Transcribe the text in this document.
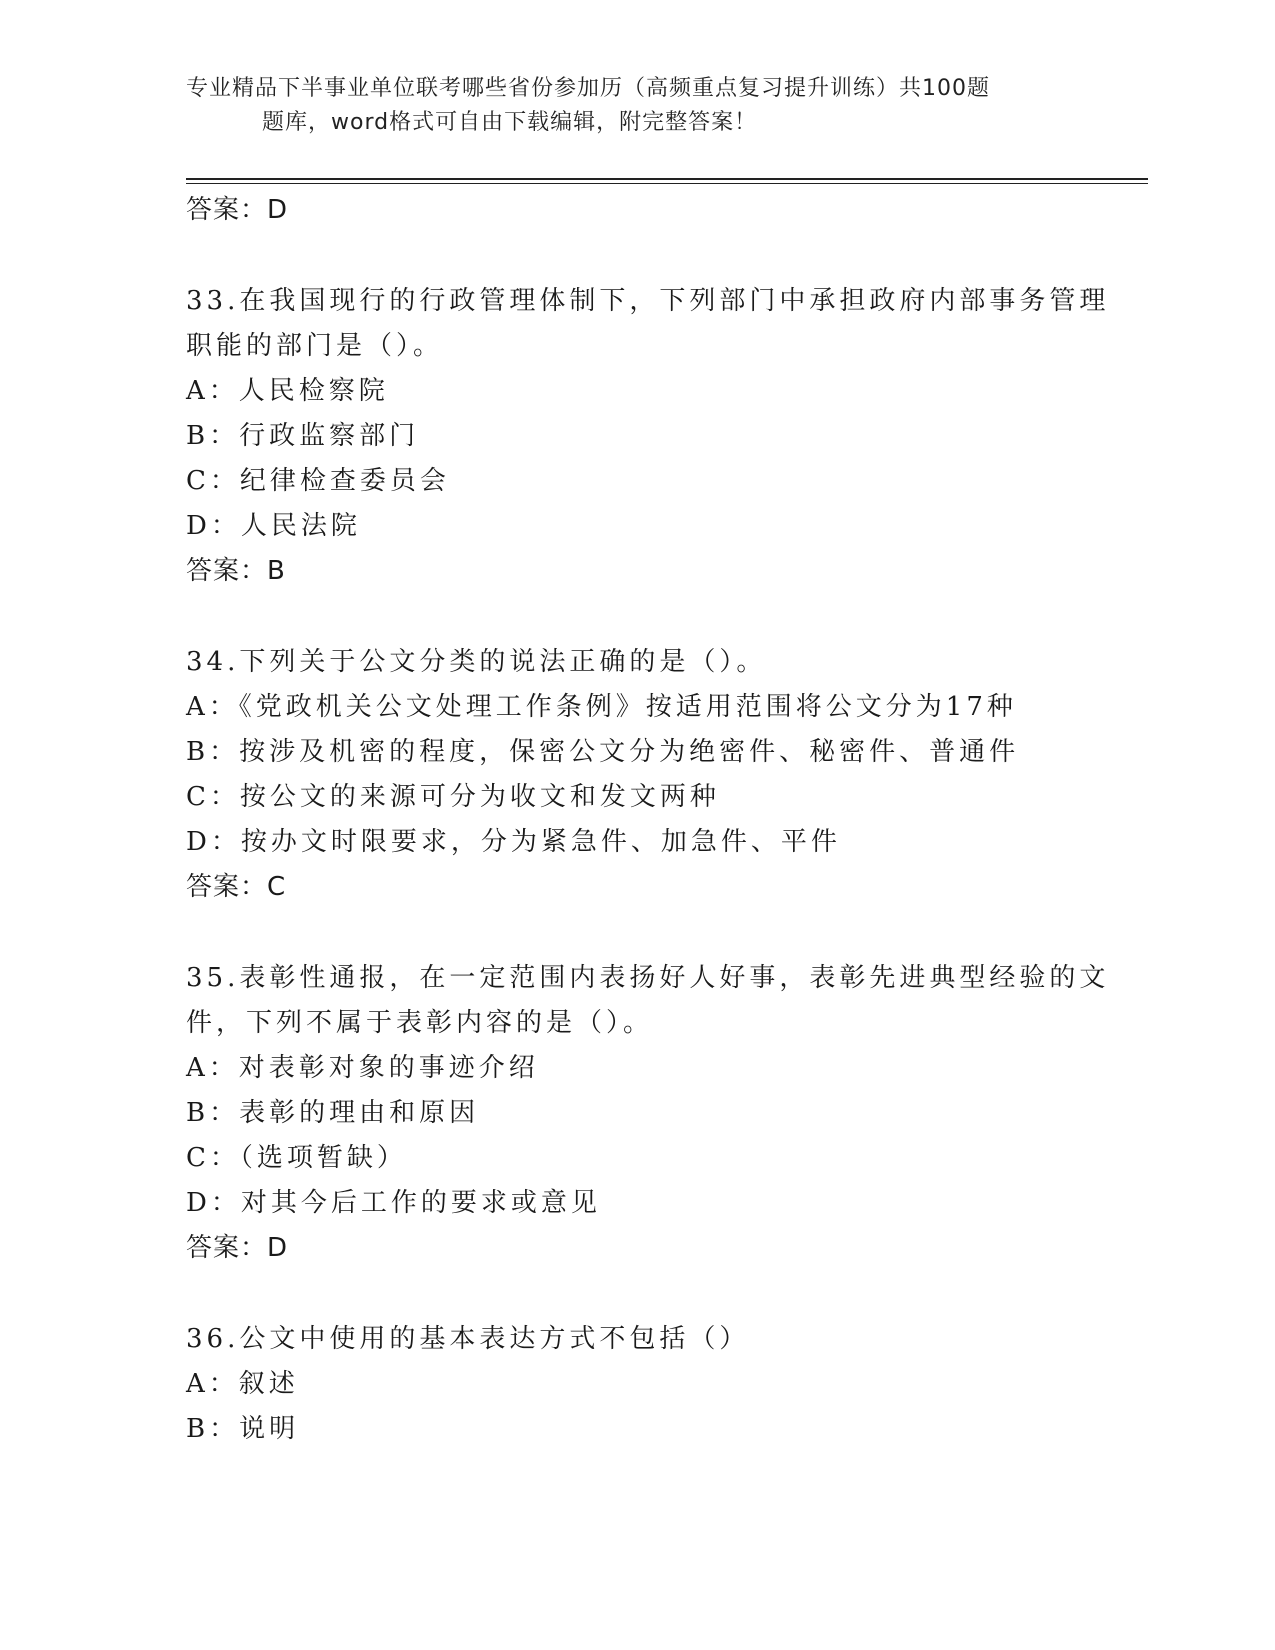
专业精品下半事业单位联考哪些省份参加历（高频重点复习提升训练）共100题
题库，word格式可自由下载编辑，附完整答案！
答案：D
33.在我国现行的行政管理体制下，下列部门中承担政府内部事务管理
职能的部门是（）。
A：人民检察院
B：行政监察部门
C：纪律检查委员会
D：人民法院
答案：B
34.下列关于公文分类的说法正确的是（）。
A：《党政机关公文处理工作条例》按适用范围将公文分为17种
B：按涉及机密的程度，保密公文分为绝密件、秘密件、普通件
C：按公文的来源可分为收文和发文两种
D：按办文时限要求，分为紧急件、加急件、平件
答案：C
35.表彰性通报，在一定范围内表扬好人好事，表彰先进典型经验的文
件，下列不属于表彰内容的是（）。
A：对表彰对象的事迹介绍
B：表彰的理由和原因
C：（选项暂缺）
D：对其今后工作的要求或意见
答案：D
36.公文中使用的基本表达方式不包括（）
A：叙述
B：说明
